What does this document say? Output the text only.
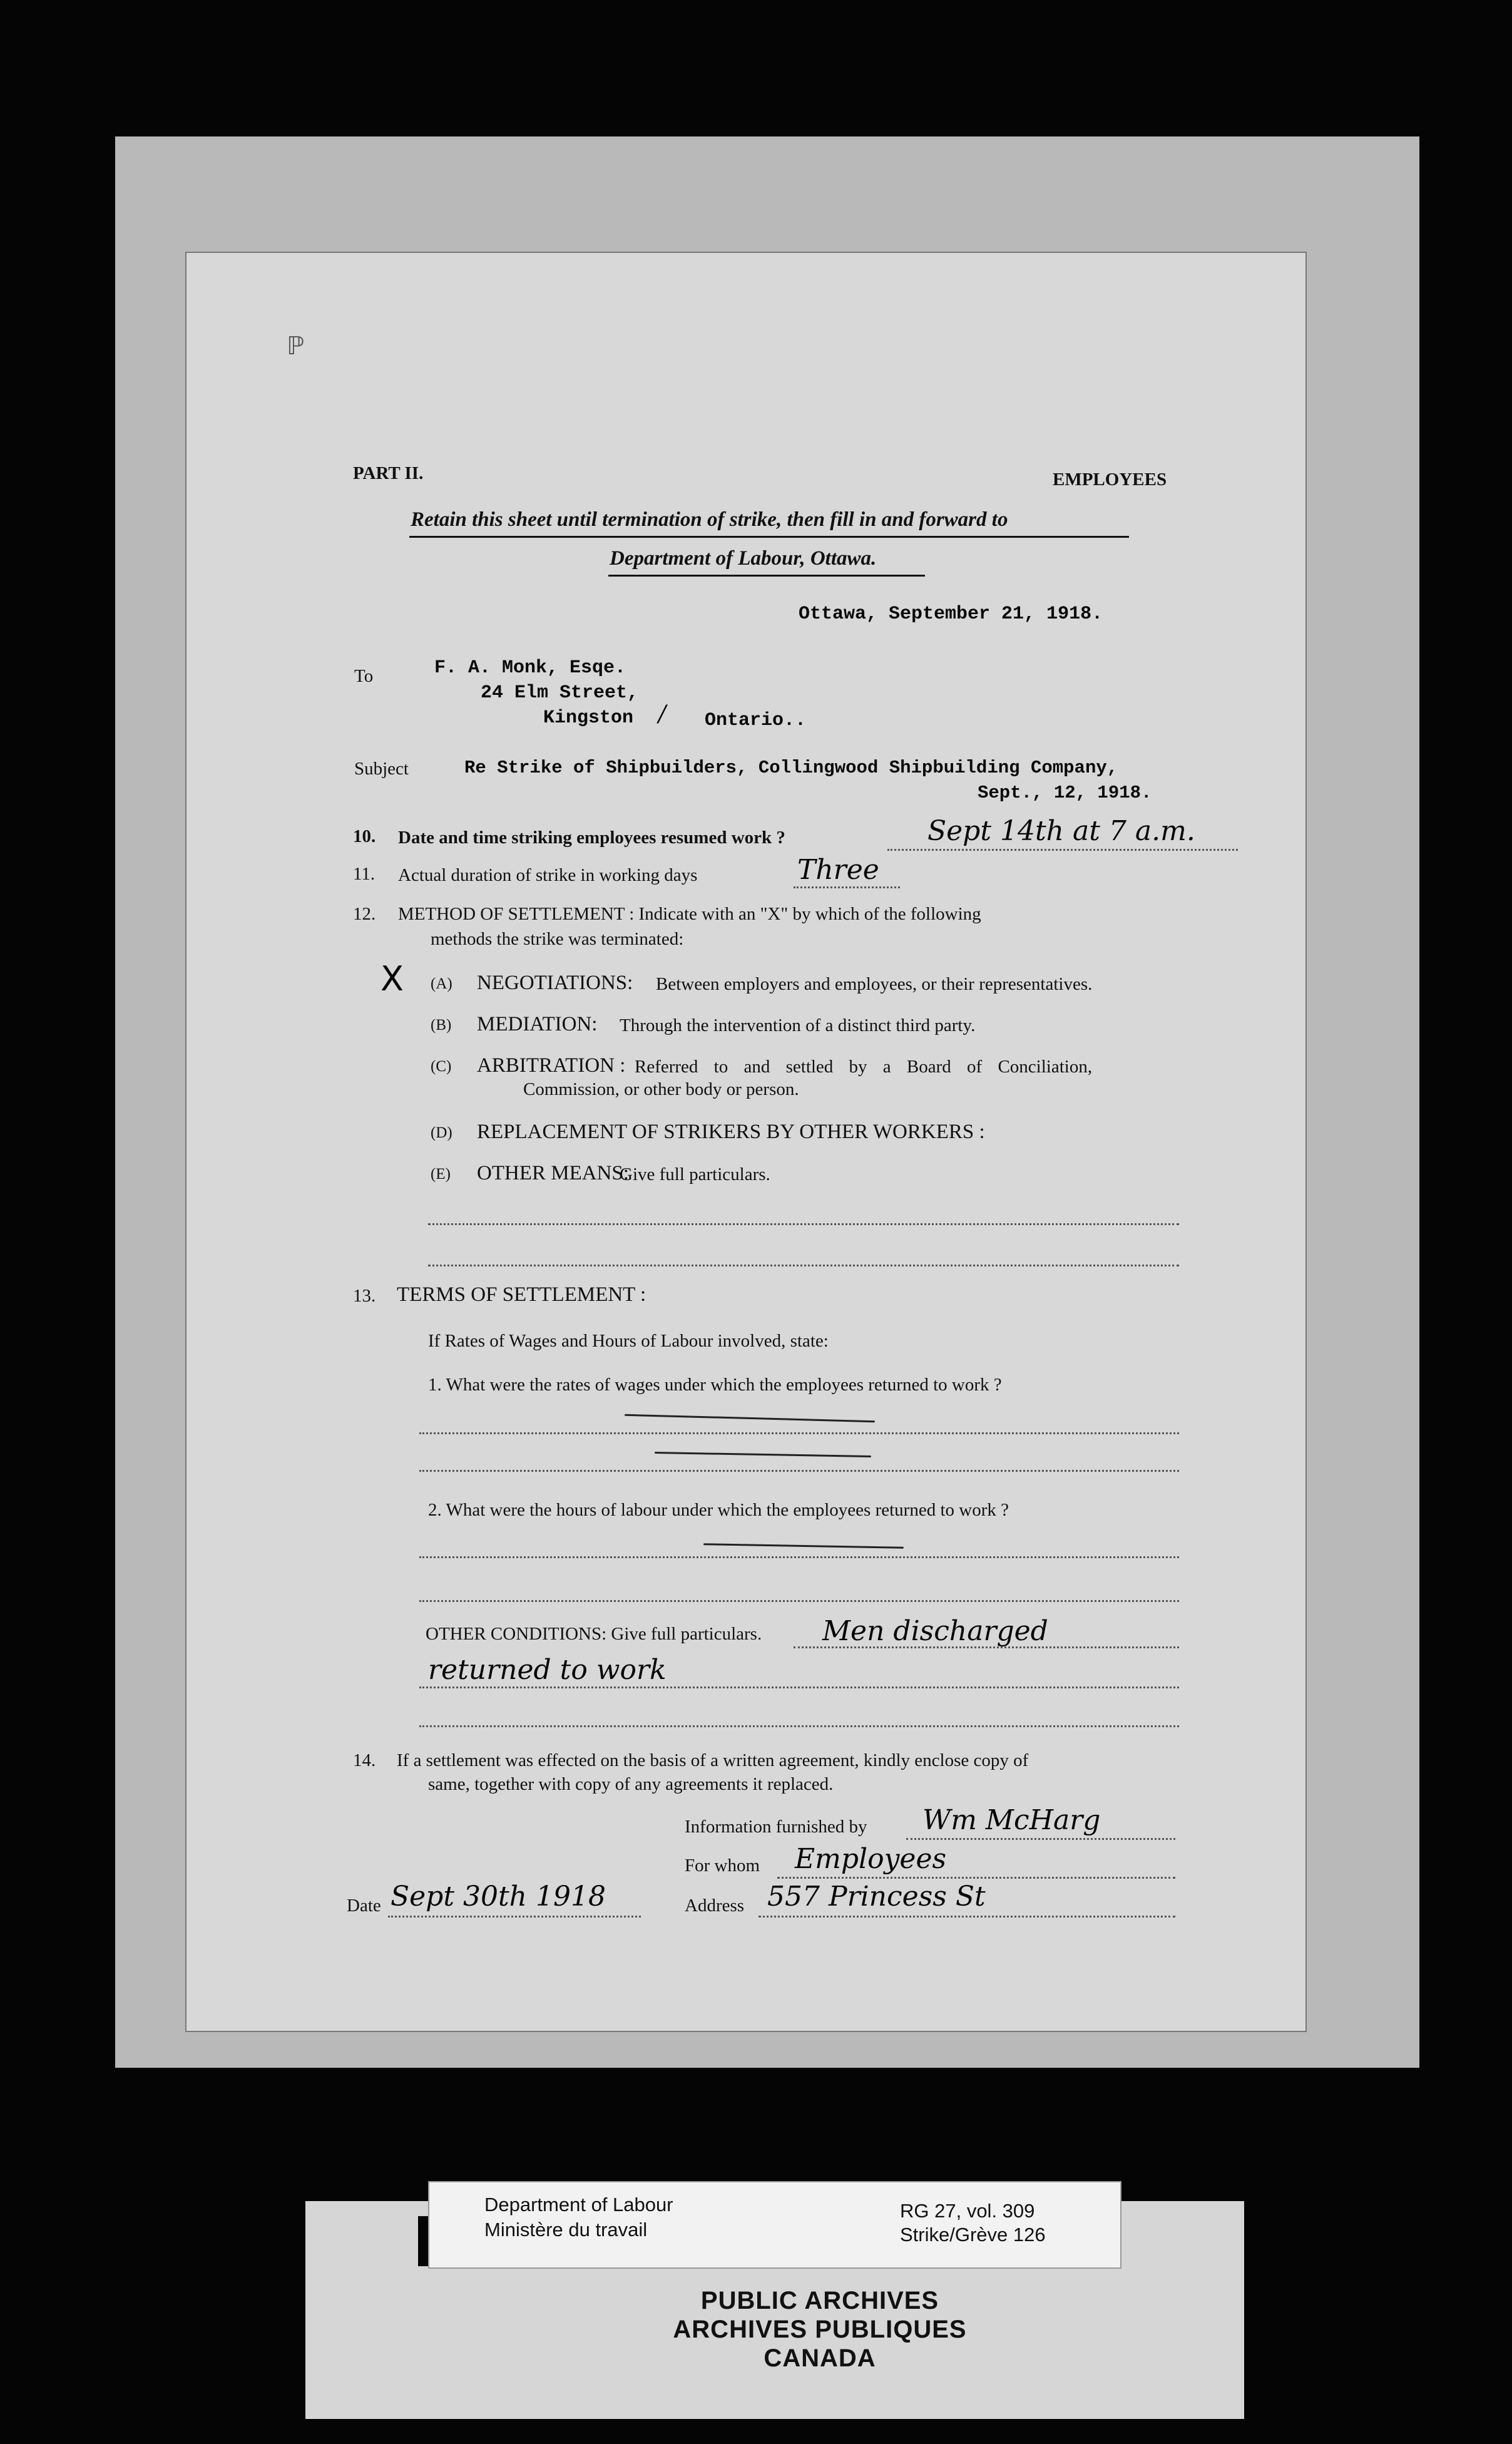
ℙ
PART II.	EMPLOYEES
Retain this sheet until termination of strike, then fill in and forward to
Department of Labour, Ottawa.
Ottawa, September 21, 1918.
To	F. A. Monk, Esqe.
24 Elm Street,
Kingston / Ontario..
Subject	Re Strike of Shipbuilders, Collingwood Shipbuilding Company,
Sept., 12, 1918.
10. Date and time striking employees resumed work ?	Sept 14th at 7 a.m.
11. Actual duration of strike in working days	Three
12. METHOD OF SETTLEMENT : Indicate with an "X" by which of the following
methods the strike was terminated:
X (A) NEGOTIATIONS: Between employers and employees, or their representatives.
(B) MEDIATION: Through the intervention of a distinct third party.
(C) ARBITRATION : Referred to and settled by a Board of Conciliation,
Commission, or other body or person.
(D) REPLACEMENT OF STRIKERS BY OTHER WORKERS :
(E) OTHER MEANS:
Give full particulars.
13. TERMS OF SETTLEMENT :
If Rates of Wages and Hours of Labour involved, state:
1. What were the rates of wages under which the employees returned to work ?
2. What were the hours of labour under which the employees returned to work ?
OTHER CONDITIONS: Give full particulars. Men discharged
returned to work
14. If a settlement was effected on the basis of a written agreement, kindly enclose copy of
same, together with copy of any agreements it replaced.
Information furnished by Wm McHarg
For whom Employees
Date Sept 30th 1918	Address 557 Princess St
Department of Labour
Ministère du travail
RG 27, vol. 309
Strike/Grève 126
PUBLIC ARCHIVES
ARCHIVES PUBLIQUES
CANADA
